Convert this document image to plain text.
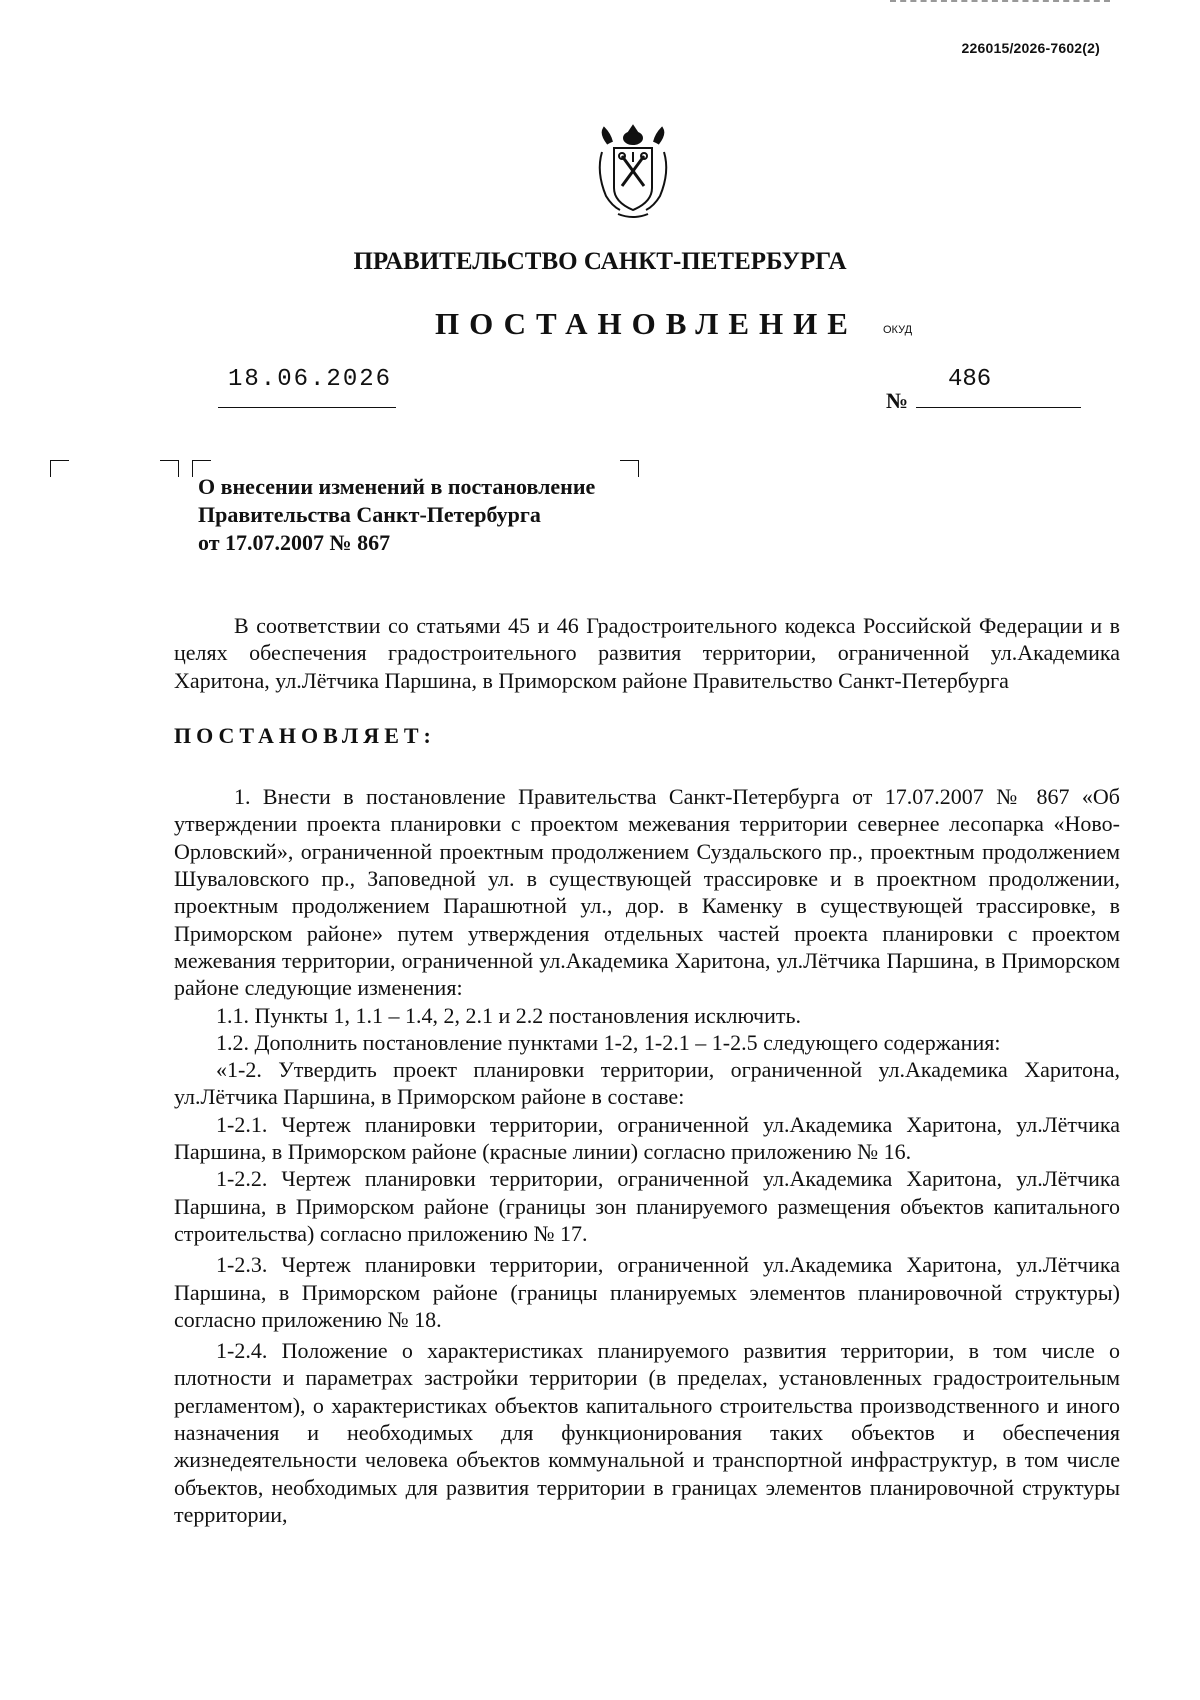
226015/2026-7602(2)
ПРАВИТЕЛЬСТВО САНКТ-ПЕТЕРБУРГА
ПОСТАНОВЛЕНИЕ ОКУД
18.06.2026
№
486
О внесении изменений в постановление
Правительства Санкт-Петербурга
от 17.07.2007 № 867

В соответствии со статьями 45 и 46 Градостроительного кодекса Российской Федерации и в целях обеспечения градостроительного развития территории, ограниченной ул.Академика Харитона, ул.Лётчика Паршина, в Приморском районе Правительство Санкт-Петербурга

ПОСТАНОВЛЯЕТ:

1. Внести в постановление Правительства Санкт-Петербурга от 17.07.2007 № 867 «Об утверждении проекта планировки с проектом межевания территории севернее лесопарка «Ново-Орловский», ограниченной проектным продолжением Суздальского пр., проектным продолжением Шуваловского пр., Заповедной ул. в существующей трассировке и в проектном продолжении, проектным продолжением Парашютной ул., дор. в Каменку в существующей трассировке, в Приморском районе» путем утверждения отдельных частей проекта планировки с проектом межевания территории, ограниченной ул.Академика Харитона, ул.Лётчика Паршина, в Приморском районе следующие изменения:

1.1. Пункты 1, 1.1 – 1.4, 2, 2.1 и 2.2 постановления исключить.

1.2. Дополнить постановление пунктами 1-2, 1-2.1 – 1-2.5 следующего содержания:

«1-2. Утвердить проект планировки территории, ограниченной ул.Академика Харитона, ул.Лётчика Паршина, в Приморском районе в составе:

1-2.1. Чертеж планировки территории, ограниченной ул.Академика Харитона, ул.Лётчика Паршина, в Приморском районе (красные линии) согласно приложению № 16.

1-2.2. Чертеж планировки территории, ограниченной ул.Академика Харитона, ул.Лётчика Паршина, в Приморском районе (границы зон планируемого размещения объектов капитального строительства) согласно приложению № 17.

1-2.3. Чертеж планировки территории, ограниченной ул.Академика Харитона, ул.Лётчика Паршина, в Приморском районе (границы планируемых элементов планировочной структуры) согласно приложению № 18.

1-2.4. Положение о характеристиках планируемого развития территории, в том числе о плотности и параметрах застройки территории (в пределах, установленных градостроительным регламентом), о характеристиках объектов капитального строительства производственного и иного назначения и необходимых для функционирования таких объектов и обеспечения жизнедеятельности человека объектов коммунальной и транспортной инфраструктур, в том числе объектов, необходимых для развития территории в границах элементов планировочной структуры территории,
